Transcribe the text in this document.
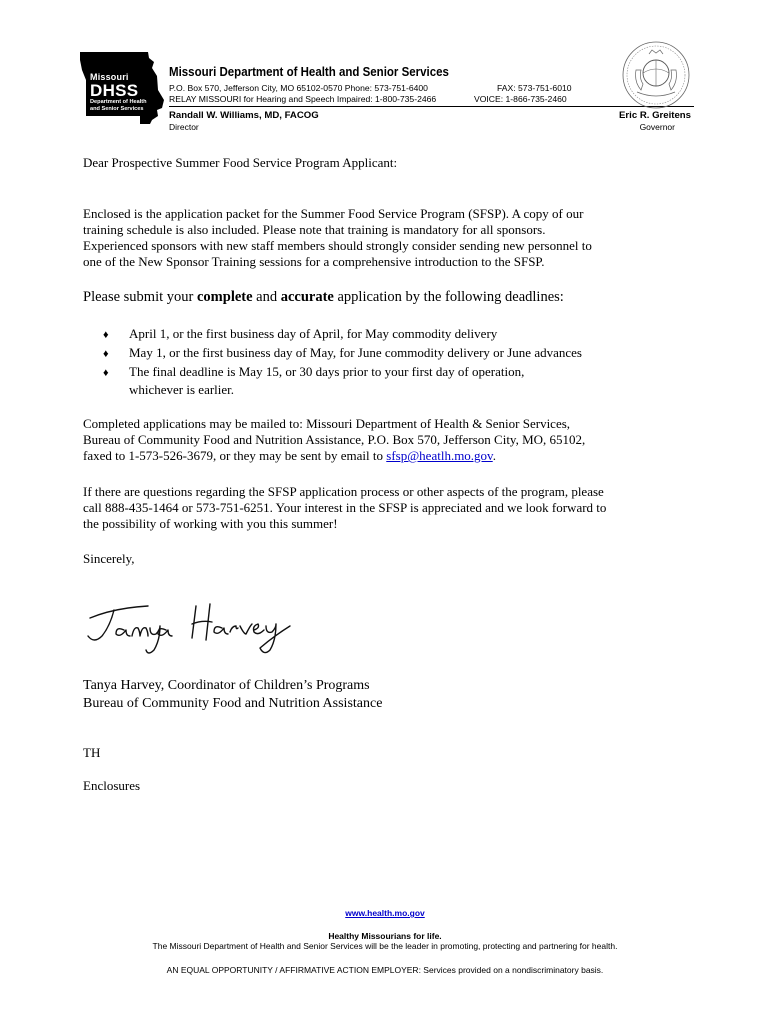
Missouri
DHSS
Department of Health
and Senior Services
Missouri Department of Health and Senior Services
P.O. Box 570, Jefferson City, MO 65102-0570 Phone: 573-751-6400	FAX: 573-751-6010
RELAY MISSOURI for Hearing and Speech Impaired: 1-800-735-2466	VOICE: 1-866-735-2460
Randall W. Williams, MD, FACOG
Director
Eric R. Greitens
Governor
Dear Prospective Summer Food Service Program Applicant:
Enclosed is the application packet for the Summer Food Service Program (SFSP). A copy of our
training schedule is also included. Please note that training is mandatory for all sponsors.
Experienced sponsors with new staff members should strongly consider sending new personnel to
one of the New Sponsor Training sessions for a comprehensive introduction to the SFSP.
Please submit your complete and accurate application by the following deadlines:
♦ April 1, or the first business day of April, for May commodity delivery
♦ May 1, or the first business day of May, for June commodity delivery or June advances
♦ The final deadline is May 15, or 30 days prior to your first day of operation,
whichever is earlier.
Completed applications may be mailed to: Missouri Department of Health & Senior Services,
Bureau of Community Food and Nutrition Assistance, P.O. Box 570, Jefferson City, MO, 65102,
faxed to 1-573-526-3679, or they may be sent by email to sfsp@heatlh.mo.gov.
If there are questions regarding the SFSP application process or other aspects of the program, please
call 888-435-1464 or 573-751-6251. Your interest in the SFSP is appreciated and we look forward to
the possibility of working with you this summer!
Sincerely,
Tanya Harvey, Coordinator of Children’s Programs
Bureau of Community Food and Nutrition Assistance
TH
Enclosures
www.health.mo.gov
Healthy Missourians for life.
The Missouri Department of Health and Senior Services will be the leader in promoting, protecting and partnering for health.
AN EQUAL OPPORTUNITY / AFFIRMATIVE ACTION EMPLOYER: Services provided on a nondiscriminatory basis.
